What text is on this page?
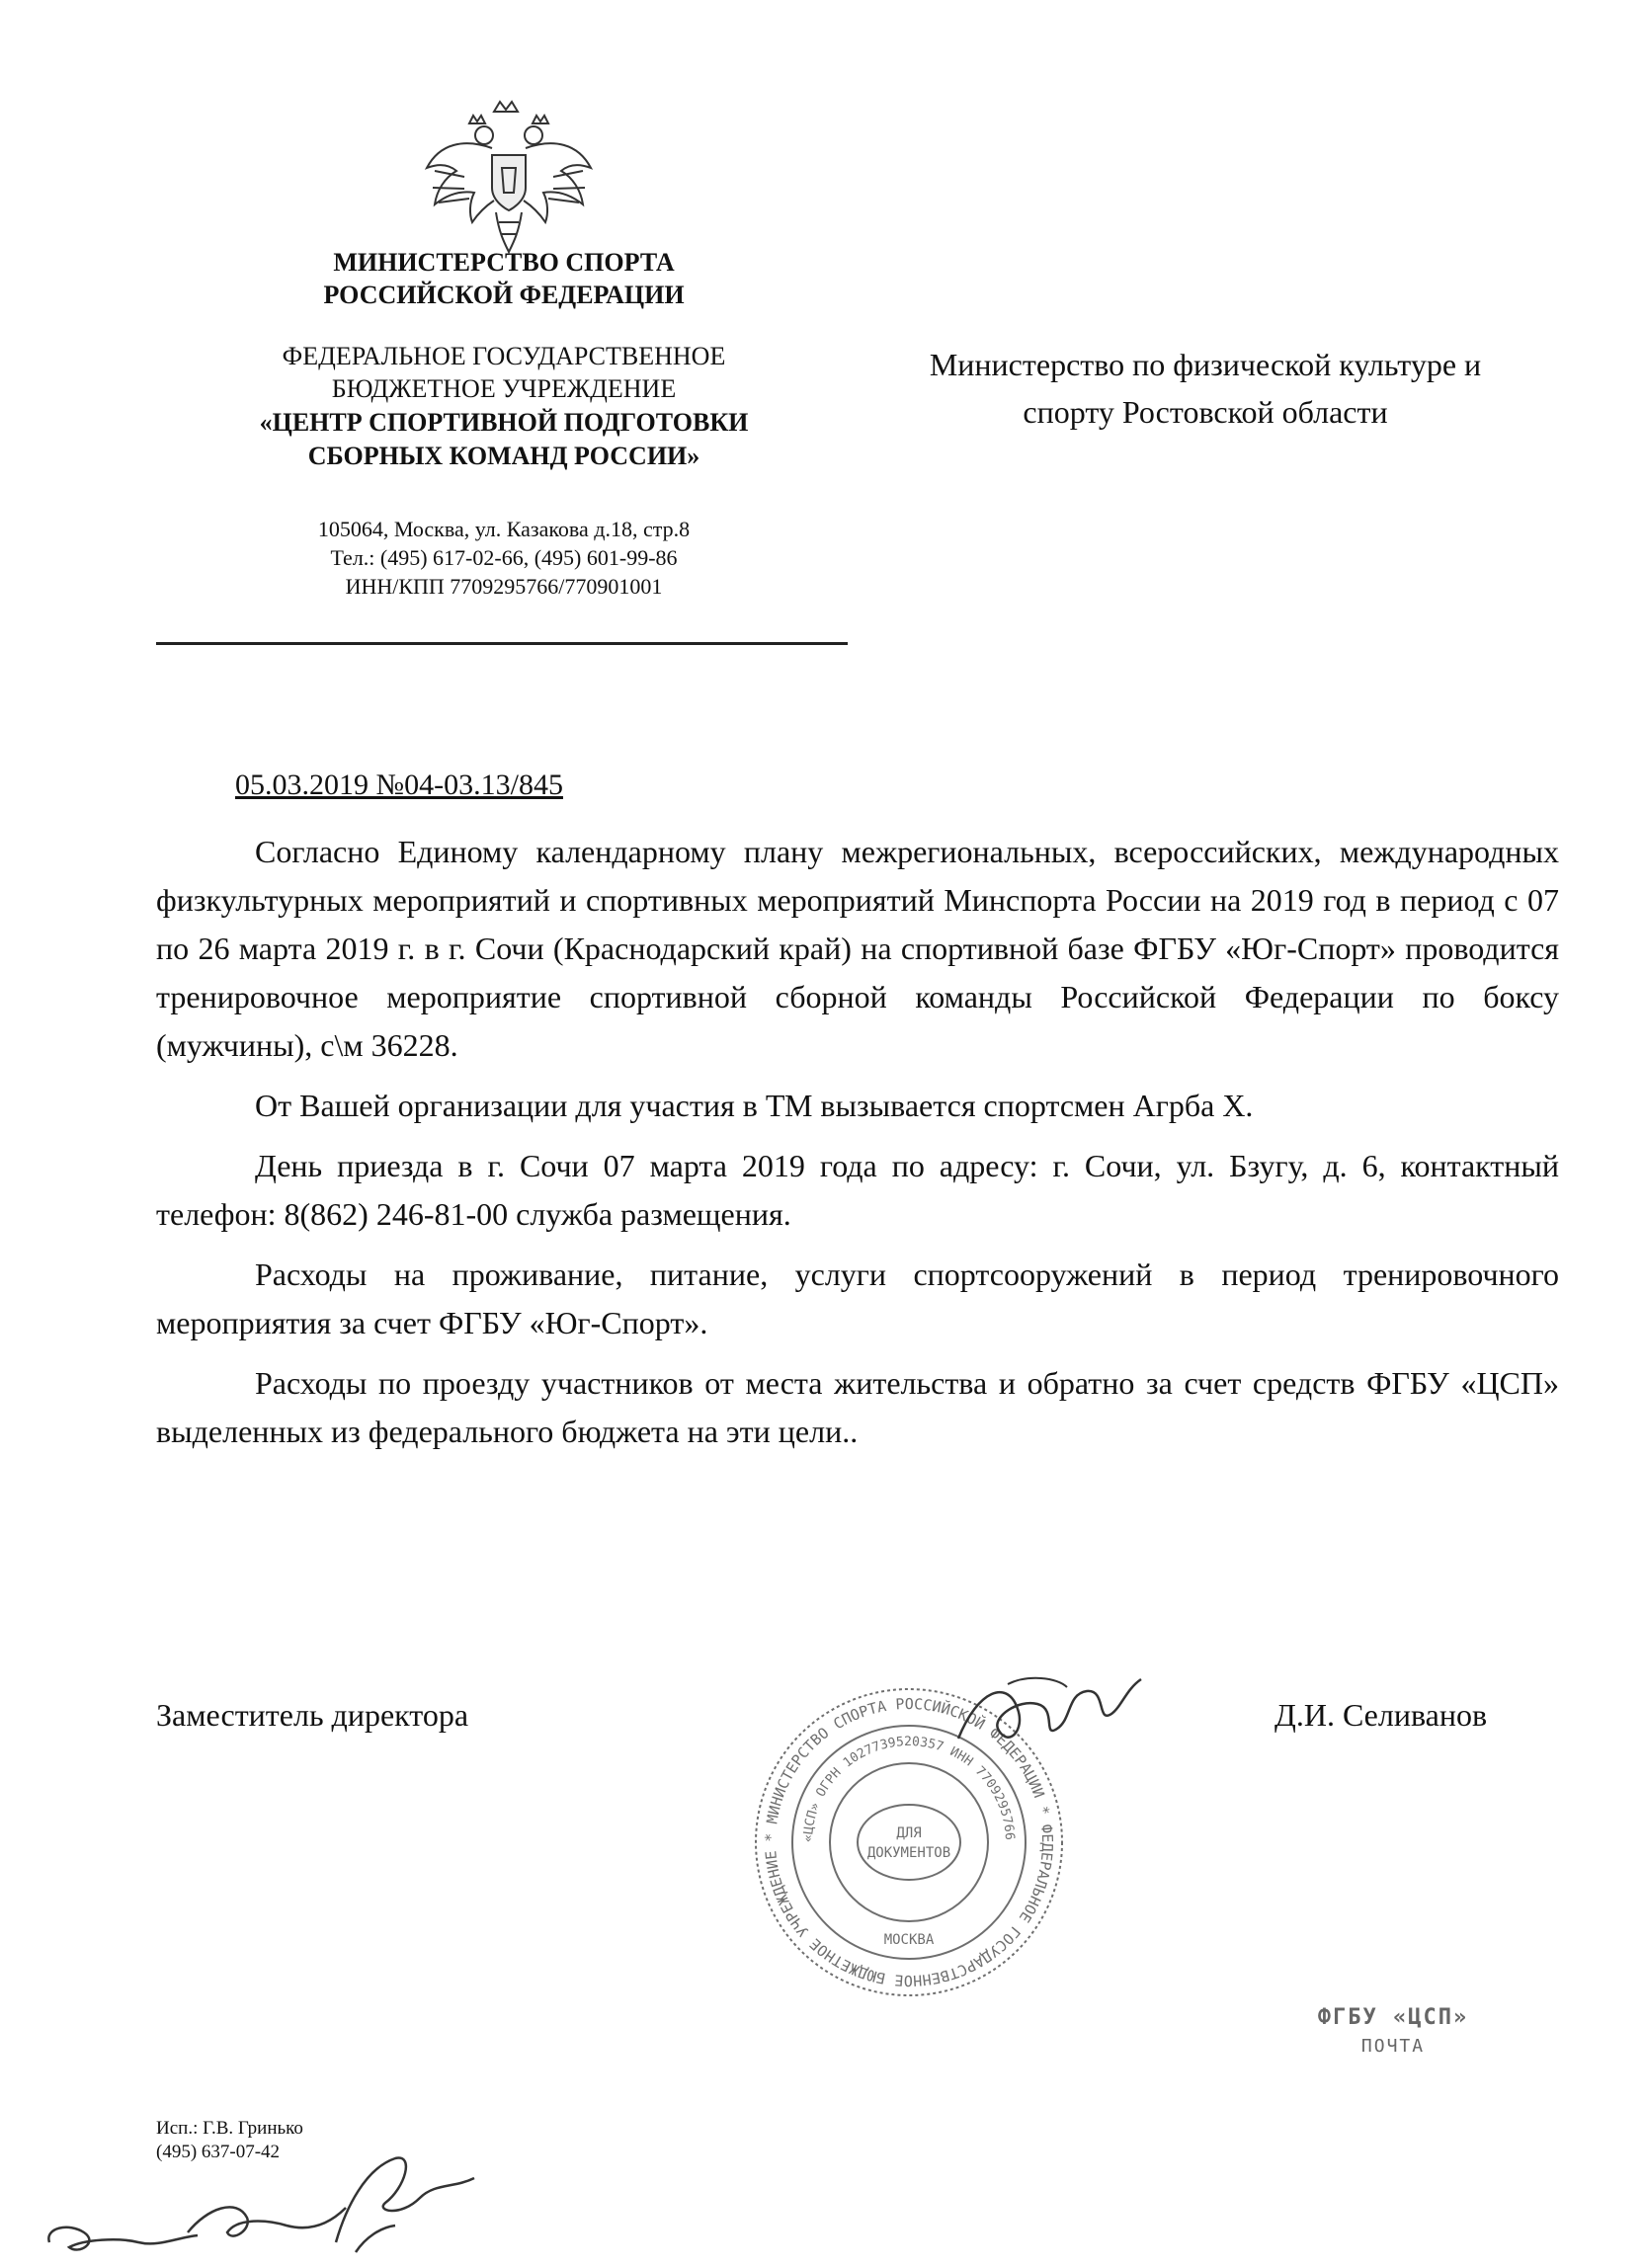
МИНИСТЕРСТВО СПОРТА

РОССИЙСКОЙ ФЕДЕРАЦИИ

ФЕДЕРАЛЬНОЕ ГОСУДАРСТВЕННОЕ

БЮДЖЕТНОЕ УЧРЕЖДЕНИЕ

«ЦЕНТР СПОРТИВНОЙ ПОДГОТОВКИ

СБОРНЫХ КОМАНД РОССИИ»

105064, Москва, ул. Казакова д.18, стр.8

Тел.: (495) 617-02-66, (495) 601-99-86

ИНН/КПП 7709295766/770901001

Министерство по физической культуре и
спорту Ростовской области
05.03.2019 №04-03.13/845

Согласно Единому календарному плану межрегиональных, всероссийских, международных физкультурных мероприятий и спортивных мероприятий Минспорта России на 2019 год в период с 07 по 26 марта 2019 г. в г. Сочи (Краснодарский край) на спортивной базе ФГБУ «Юг-Спорт» проводится тренировочное мероприятие спортивной сборной команды Российской Федерации по боксу (мужчины), с\м 36228.

От Вашей организации для участия в ТМ вызывается спортсмен Агрба Х.

День приезда в г. Сочи 07 марта 2019 года по адресу: г. Сочи, ул. Бзугу, д. 6, контактный телефон: 8(862) 246-81-00 служба размещения.

Расходы на проживание, питание, услуги спортсооружений в период тренировочного мероприятия за счет ФГБУ «Юг-Спорт».

Расходы по проезду участников от места жительства и обратно за счет средств ФГБУ «ЦСП» выделенных из федерального бюджета на эти цели..

Заместитель директора	Д.И. Селиванов
* МИНИСТЕРСТВО СПОРТА РОССИЙСКОЙ ФЕДЕРАЦИИ * ФЕДЕРАЛЬНОЕ ГОСУДАРСТВЕННОЕ БЮДЖЕТНОЕ УЧРЕЖДЕНИЕ
«ЦСП» ОГРН 1027739520357 ИНН 7709295766
ДЛЯ
ДОКУМЕНТОВ
МОСКВА
ФГБУ «ЦСП»
ПОЧТА
Исп.: Г.В. Гринько
(495) 637-07-42
